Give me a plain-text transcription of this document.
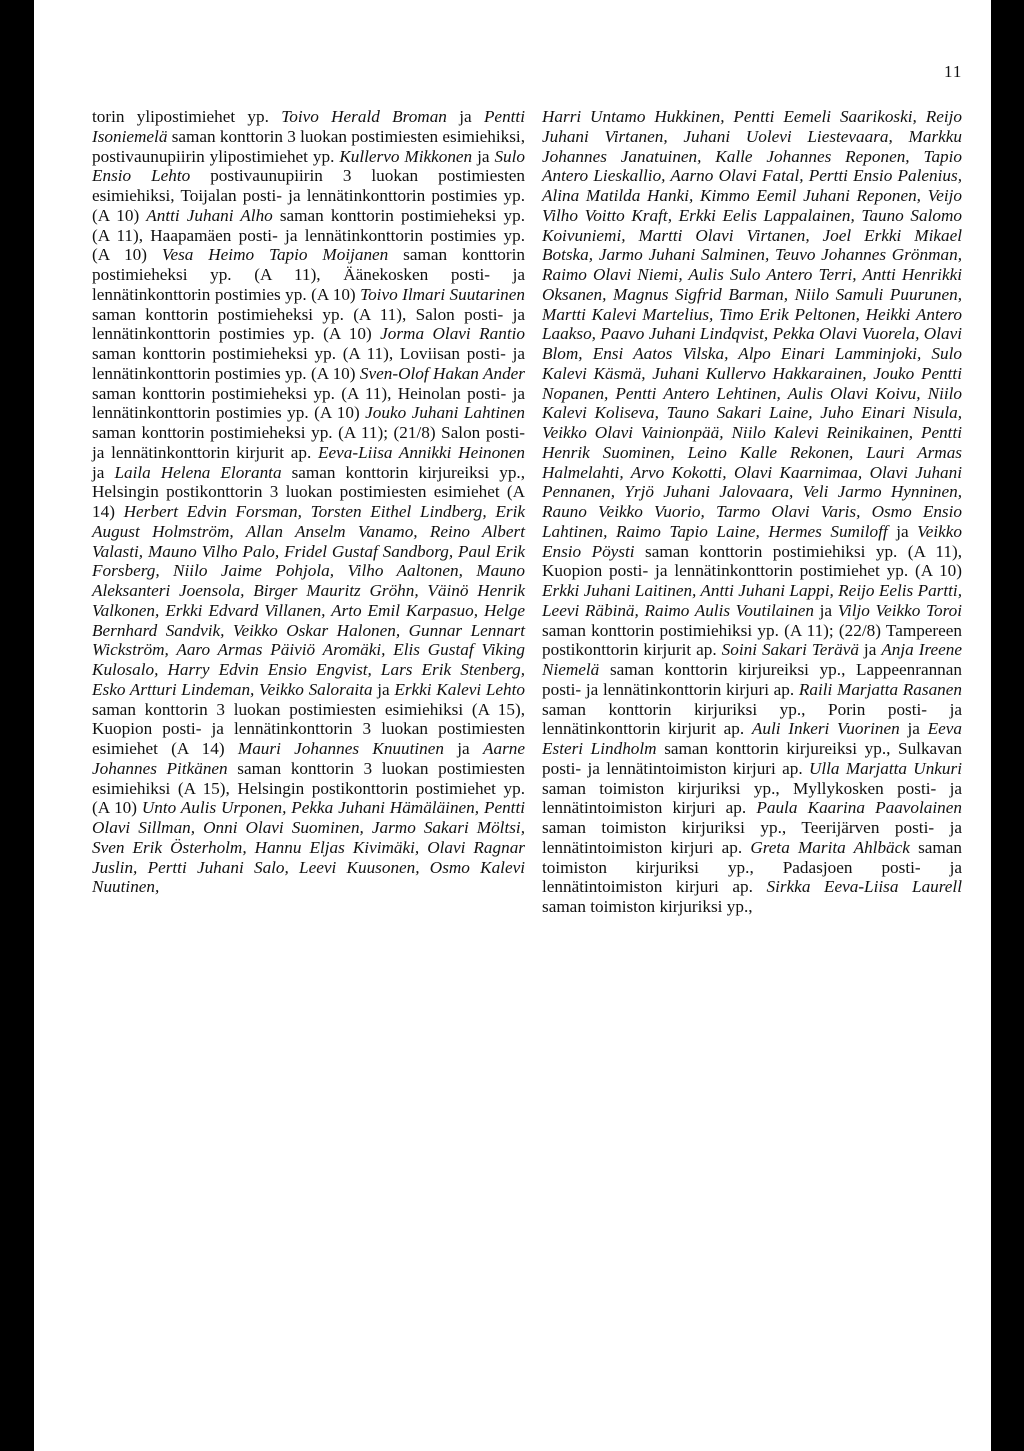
11
torin ylipostimiehet yp. Toivo Herald Broman ja Pentti Isoniemelä saman konttorin 3 luokan postimiesten esimiehiksi, postivaunupiirin ylipostimiehet yp. Kullervo Mikkonen ja Sulo Ensio Lehto postivaunupiirin 3 luokan postimiesten esimiehiksi, Toijalan posti- ja lennätinkonttorin postimies yp. (A 10) Antti Juhani Alho saman konttorin postimieheksi yp. (A 11), Haapamäen posti- ja lennätinkonttorin postimies yp. (A 10) Vesa Heimo Tapio Moijanen saman konttorin postimieheksi yp. (A 11), Äänekosken posti- ja lennätinkonttorin postimies yp. (A 10) Toivo Ilmari Suutarinen saman konttorin postimieheksi yp. (A 11), Salon posti- ja lennätinkonttorin postimies yp. (A 10) Jorma Olavi Rantio saman konttorin postimieheksi yp. (A 11), Loviisan posti- ja lennätinkonttorin postimies yp. (A 10) Sven-Olof Hakan Ander saman konttorin postimieheksi yp. (A 11), Heinolan posti- ja lennätinkonttorin postimies yp. (A 10) Jouko Juhani Lahtinen saman konttorin postimieheksi yp. (A 11); (21/8) Salon posti- ja lennätinkonttorin kirjurit ap. Eeva-Liisa Annikki Heinonen ja Laila Helena Eloranta saman konttorin kirjureiksi yp., Helsingin postikonttorin 3 luokan postimiesten esimiehet (A 14) Herbert Edvin Forsman, Torsten Eithel Lindberg, Erik August Holmström, Allan Anselm Vanamo, Reino Albert Valasti, Mauno Vilho Palo, Fridel Gustaf Sandborg, Paul Erik Forsberg, Niilo Jaime Pohjola, Vilho Aaltonen, Mauno Aleksanteri Joensola, Birger Mauritz Gröhn, Väinö Henrik Valkonen, Erkki Edvard Villanen, Arto Emil Karpasuo, Helge Bernhard Sandvik, Veikko Oskar Halonen, Gunnar Lennart Wickström, Aaro Armas Päiviö Aromäki, Elis Gustaf Viking Kulosalo, Harry Edvin Ensio Engvist, Lars Erik Stenberg, Esko Artturi Lindeman, Veikko Saloraita ja Erkki Kalevi Lehto saman konttorin 3 luokan postimiesten esimiehiksi (A 15), Kuopion posti- ja lennätinkonttorin 3 luokan postimiesten esimiehet (A 14) Mauri Johannes Knuutinen ja Aarne Johannes Pitkänen saman konttorin 3 luokan postimiesten esimiehiksi (A 15), Helsingin postikonttorin postimiehet yp. (A 10) Unto Aulis Urponen, Pekka Juhani Hämäläinen, Pentti Olavi Sillman, Onni Olavi Suominen, Jarmo Sakari Möltsi, Sven Erik Österholm, Hannu Eljas Kivimäki, Olavi Ragnar Juslin, Pertti Juhani Salo, Leevi Kuusonen, Osmo Kalevi Nuutinen,
Harri Untamo Hukkinen, Pentti Eemeli Saarikoski, Reijo Juhani Virtanen, Juhani Uolevi Liestevaara, Markku Johannes Janatuinen, Kalle Johannes Reponen, Tapio Antero Lieskallio, Aarno Olavi Fatal, Pertti Ensio Palenius, Alina Matilda Hanki, Kimmo Eemil Juhani Reponen, Veijo Vilho Voitto Kraft, Erkki Eelis Lappalainen, Tauno Salomo Koivuniemi, Martti Olavi Virtanen, Joel Erkki Mikael Botska, Jarmo Juhani Salminen, Teuvo Johannes Grönman, Raimo Olavi Niemi, Aulis Sulo Antero Terri, Antti Henrikki Oksanen, Magnus Sigfrid Barman, Niilo Samuli Puurunen, Martti Kalevi Martelius, Timo Erik Peltonen, Heikki Antero Laakso, Paavo Juhani Lindqvist, Pekka Olavi Vuorela, Olavi Blom, Ensi Aatos Vilska, Alpo Einari Lamminjoki, Sulo Kalevi Käsmä, Juhani Kullervo Hakkarainen, Jouko Pentti Nopanen, Pentti Antero Lehtinen, Aulis Olavi Koivu, Niilo Kalevi Koliseva, Tauno Sakari Laine, Juho Einari Nisula, Veikko Olavi Vainionpää, Niilo Kalevi Reinikainen, Pentti Henrik Suominen, Leino Kalle Rekonen, Lauri Armas Halmelahti, Arvo Kokotti, Olavi Kaarnimaa, Olavi Juhani Pennanen, Yrjö Juhani Jalovaara, Veli Jarmo Hynninen, Rauno Veikko Vuorio, Tarmo Olavi Varis, Osmo Ensio Lahtinen, Raimo Tapio Laine, Hermes Sumiloff ja Veikko Ensio Pöysti saman konttorin postimiehiksi yp. (A 11), Kuopion posti- ja lennätinkonttorin postimiehet yp. (A 10) Erkki Juhani Laitinen, Antti Juhani Lappi, Reijo Eelis Partti, Leevi Räbinä, Raimo Aulis Voutilainen ja Viljo Veikko Toroi saman konttorin postimiehiksi yp. (A 11); (22/8) Tampereen postikonttorin kirjurit ap. Soini Sakari Terävä ja Anja Ireene Niemelä saman konttorin kirjureiksi yp., Lappeenrannan posti- ja lennätinkonttorin kirjuri ap. Raili Marjatta Rasanen saman konttorin kirjuriksi yp., Porin posti- ja lennätinkonttorin kirjurit ap. Auli Inkeri Vuorinen ja Eeva Esteri Lindholm saman konttorin kirjureiksi yp., Sulkavan posti- ja lennätintoimiston kirjuri ap. Ulla Marjatta Unkuri saman toimiston kirjuriksi yp., Myllykosken posti- ja lennätintoimiston kirjuri ap. Paula Kaarina Paavolainen saman toimiston kirjuriksi yp., Teerijärven posti- ja lennätintoimiston kirjuri ap. Greta Marita Ahlbäck saman toimiston kirjuriksi yp., Padasjoen posti- ja lennätintoimiston kirjuri ap. Sirkka Eeva-Liisa Laurell saman toimiston kirjuriksi yp.,
